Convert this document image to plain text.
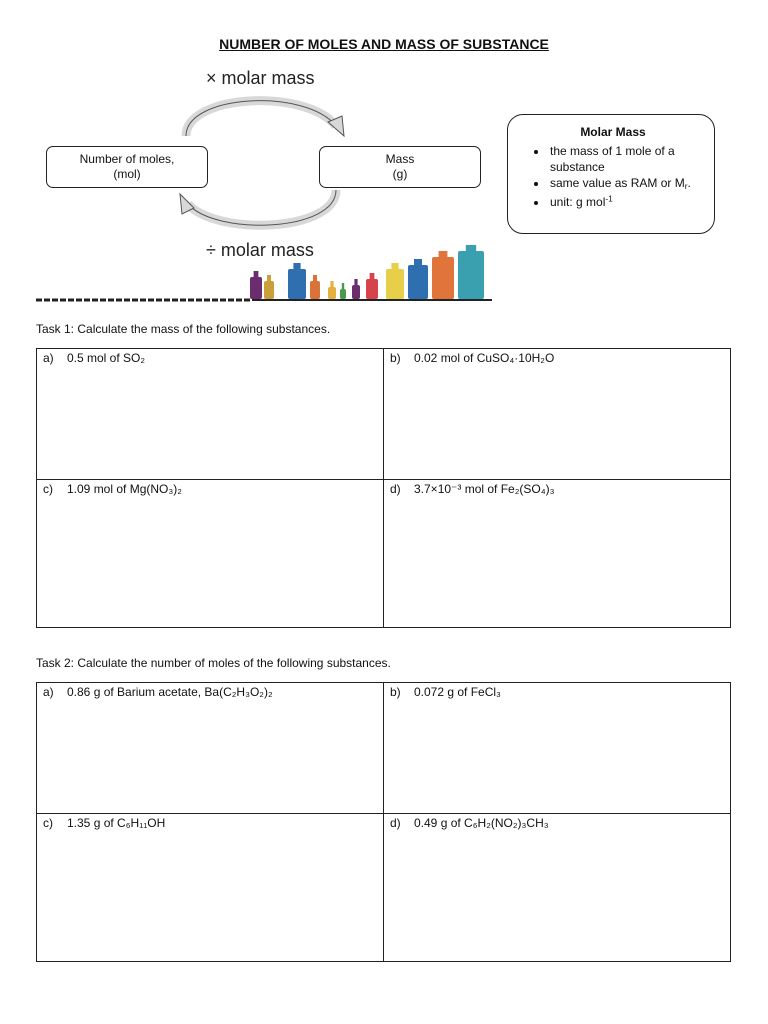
NUMBER OF MOLES AND MASS OF SUBSTANCE
× molar mass
÷ molar mass
Number of moles,
(mol)
Mass
(g)
Molar Mass
• the mass of 1 mole of a substance
• same value as RAM or $M_r$.
• unit: g mol$^{-1}$
Task 1: Calculate the mass of the following substances.
a) 0.5 mol of SO₂	b) 0.02 mol of CuSO₄·10H₂O
c) 1.09 mol of Mg(NO₃)₂	d) 3.7×10⁻³ mol of Fe₂(SO₄)₃
Task 2: Calculate the number of moles of the following substances.
a) 0.86 g of Barium acetate, Ba(C₂H₃O₂)₂	b) 0.072 g of FeCl₃
c) 1.35 g of C₆H₁₁OH	d) 0.49 g of C₆H₂(NO₂)₃CH₃
